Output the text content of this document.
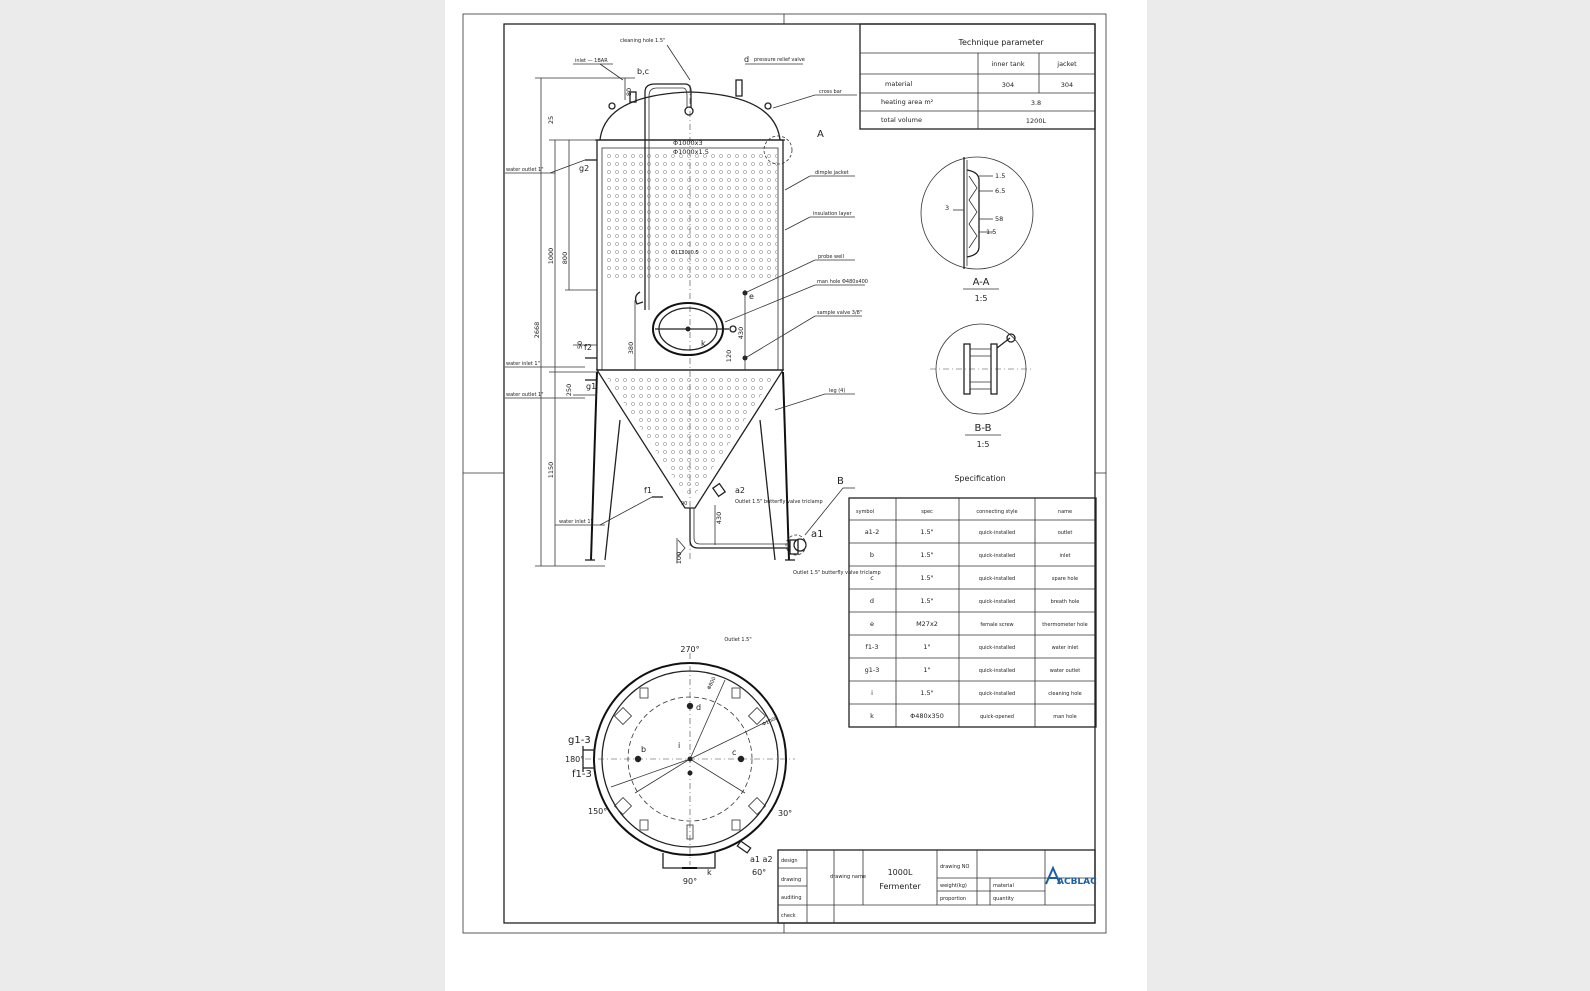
Technique parameter
inner tank	jacket
material	304	304
heating area m²	3.8
total volume	1200L
1.5
6.5
3
58
1.5
A-A
1:5
B-B
1:5
2668
25
1000 800
50
250
1150
100
380
430
430
120
80
Φ1000x3
Φ1000x1.5
Φ1130x0.5
90
cleaning hole 1.5"
pressure relief valve
d
cross bar
A
dimple jacket
insulation layer
probe well
man hole Φ480x400
sample valve 3/8"
leg (4)
inlet — 1BAR
b,c
water outlet 1"	g2
water inlet 1"
f2
water outlet 1"
g1
water inlet 1"
f1	a2
Outlet 1.5" butterfly valve triclamp
B
a1
Outlet 1.5" butterfly valve triclamp
e
k
Specification
symbol	spec	connecting style	name
a1-2	1.5"	quick-installed	outlet
b	1.5"	quick-installed	inlet
c	1.5"	quick-installed	spare hole
d	1.5"	quick-installed	breath hole
e	M27x2	female screw	thermometer hole
f1-3	1"	quick-installed	water inlet
g1-3	1"	quick-installed	water outlet
i	1.5"	quick-installed	cleaning hole
k	Φ480x350	quick-opened	man hole
Outlet 1.5"
270°
180°
150°	30°
90°
60°
g1-3
f1-3
b	c
d
i
k
a1 a2
Φ800
Φ1000
design
drawing
auditing
check
drawing name	1000L
Fermenter
drawing NO
weight(kg)
proportion
material
quantity
ACBLAC
